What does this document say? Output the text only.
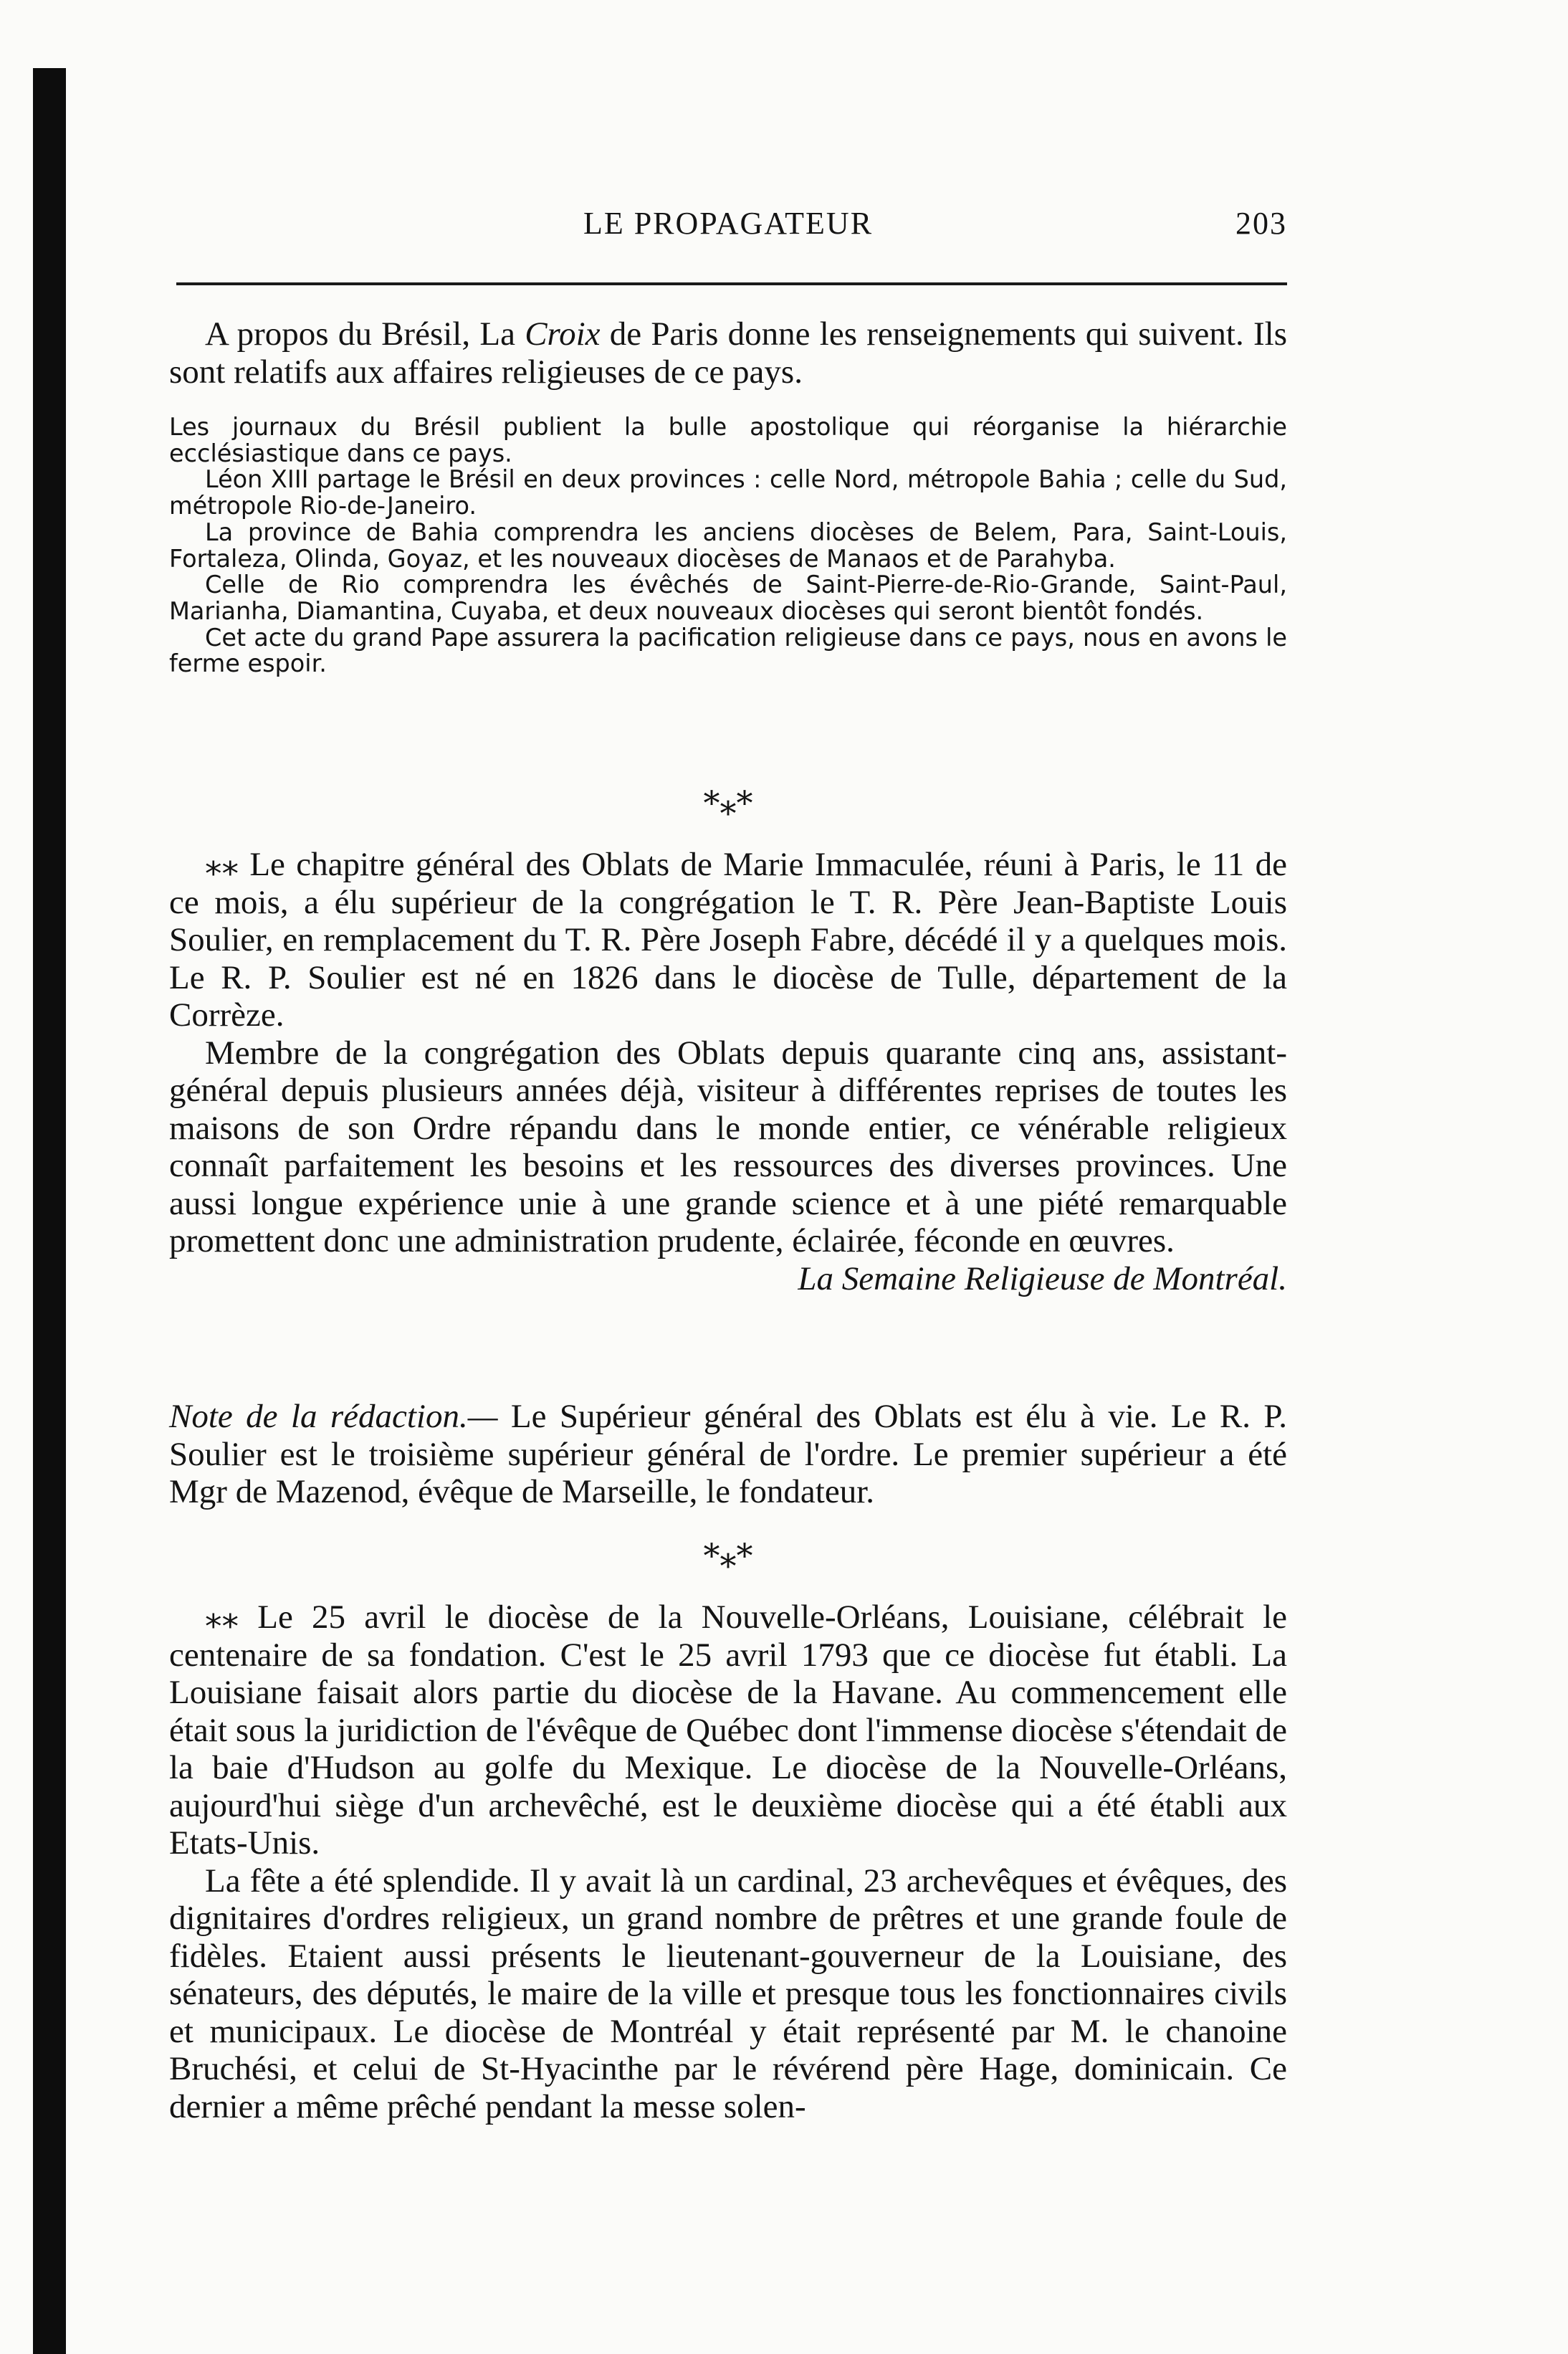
LE PROPAGATEUR	203

A propos du Brésil, La Croix de Paris donne les renseignements qui suivent. Ils sont relatifs aux affaires religieuses de ce pays.

Les journaux du Brésil publient la bulle apostolique qui réorganise la hiérarchie ecclésiastique dans ce pays.

Léon XIII partage le Brésil en deux provinces : celle Nord, métropole Bahia ; celle du Sud, métropole Rio-de-Janeiro.

La province de Bahia comprendra les anciens diocèses de Belem, Para, Saint-Louis, Fortaleza, Olinda, Goyaz, et les nouveaux diocèses de Manaos et de Parahyba.

Celle de Rio comprendra les évêchés de Saint-Pierre-de-Rio-Grande, Saint-Paul, Marianha, Diamantina, Cuyaba, et deux nouveaux diocèses qui seront bientôt fondés.

Cet acte du grand Pape assurera la pacification religieuse dans ce pays, nous en avons le ferme espoir.

*⁎*

⁎⁎ Le chapitre général des Oblats de Marie Immaculée, réuni à Paris, le 11 de ce mois, a élu supérieur de la congrégation le T. R. Père Jean-Baptiste Louis Soulier, en remplacement du T. R. Père Joseph Fabre, décédé il y a quelques mois. Le R. P. Soulier est né en 1826 dans le diocèse de Tulle, département de la Corrèze.

Membre de la congrégation des Oblats depuis quarante cinq ans, assistant-général depuis plusieurs années déjà, visiteur à différentes reprises de toutes les maisons de son Ordre répandu dans le monde entier, ce vénérable religieux connaît parfaitement les besoins et les ressources des diverses provinces. Une aussi longue expérience unie à une grande science et à une piété remarquable promettent donc une administration prudente, éclairée, féconde en œuvres.

La Semaine Religieuse de Montréal.

Note de la rédaction.— Le Supérieur général des Oblats est élu à vie. Le R. P. Soulier est le troisième supérieur général de l'ordre. Le premier supérieur a été Mgr de Mazenod, évêque de Marseille, le fondateur.

*⁎*

⁎⁎ Le 25 avril le diocèse de la Nouvelle-Orléans, Louisiane, célébrait le centenaire de sa fondation. C'est le 25 avril 1793 que ce diocèse fut établi. La Louisiane faisait alors partie du diocèse de la Havane. Au commencement elle était sous la juridiction de l'évêque de Québec dont l'immense diocèse s'étendait de la baie d'Hudson au golfe du Mexique. Le diocèse de la Nouvelle-Orléans, aujourd'hui siège d'un archevêché, est le deuxième diocèse qui a été établi aux Etats-Unis.

La fête a été splendide. Il y avait là un cardinal, 23 archevêques et évêques, des dignitaires d'ordres religieux, un grand nombre de prêtres et une grande foule de fidèles. Etaient aussi présents le lieutenant-gouverneur de la Louisiane, des sénateurs, des députés, le maire de la ville et presque tous les fonctionnaires civils et municipaux. Le diocèse de Montréal y était représenté par M. le chanoine Bruchési, et celui de St-Hyacinthe par le révérend père Hage, dominicain. Ce dernier a même prêché pendant la messe solen-
